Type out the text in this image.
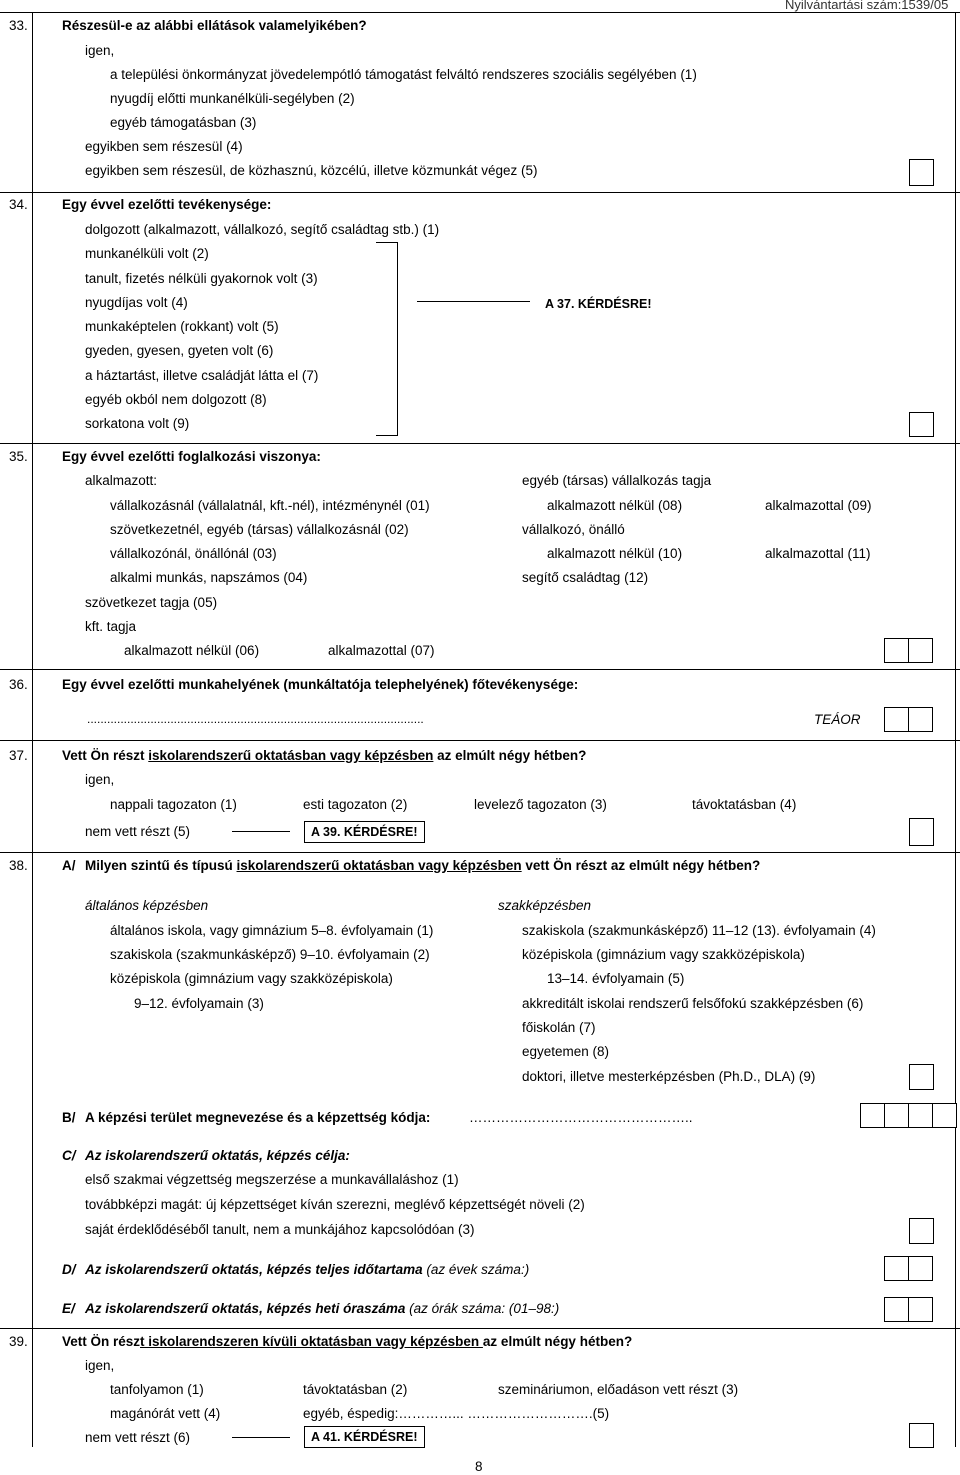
Nyilvántartási szám:1539/05
33.	Részesül-e az alábbi ellátások valamelyikében?
igen,
a települési önkormányzat jövedelempótló támogatást felváltó rendszeres szociális segélyében (1)
nyugdíj előtti munkanélküli-segélyben (2)
egyéb támogatásban (3)
egyikben sem részesül (4)
egyikben sem részesül, de közhasznú, közcélú, illetve közmunkát végez (5)
34.	Egy évvel ezelőtti tevékenysége:
dolgozott (alkalmazott, vállalkozó, segítő családtag stb.) (1)
munkanélküli volt (2)
tanult, fizetés nélküli gyakornok volt (3)
nyugdíjas volt (4)
munkaképtelen (rokkant) volt (5)
gyeden, gyesen, gyeten volt (6)
a háztartást, illetve családját látta el (7)
egyéb okból nem dolgozott (8)
sorkatona volt (9)
A 37. KÉRDÉSRE!
35.	Egy évvel ezelőtti foglalkozási viszonya:
alkalmazott:
vállalkozásnál (vállalatnál, kft.-nél), intézménynél (01)
szövetkezetnél, egyéb (társas) vállalkozásnál (02)
vállalkozónál, önállónál (03)
alkalmi munkás, napszámos (04)
szövetkezet tagja (05)
kft. tagja
alkalmazott nélkül (06)	alkalmazottal (07)
egyéb (társas) vállalkozás tagja
alkalmazott nélkül (08)	alkalmazottal (09)
vállalkozó, önálló
alkalmazott nélkül (10)	alkalmazottal (11)
segítő családtag (12)
36.	Egy évvel ezelőtti munkahelyének (munkáltatója telephelyének) főtevékenysége:
.....................................................................................................	TEÁOR
37.	Vett Ön részt iskolarendszerű oktatásban vagy képzésben az elmúlt négy hétben?
igen,
nappali tagozaton (1)	esti tagozaton (2)	levelező tagozaton (3)	távoktatásban (4)
nem vett részt (5)	A 39. KÉRDÉSRE!
38.	A/ Milyen szintű és típusú iskolarendszerű oktatásban vagy képzésben vett Ön részt az elmúlt négy hétben?
általános képzésben
általános iskola, vagy gimnázium 5–8. évfolyamain (1)
szakiskola (szakmunkásképző) 9–10. évfolyamain (2)
középiskola (gimnázium vagy szakközépiskola)
9–12. évfolyamain (3)
szakképzésben
szakiskola (szakmunkásképző) 11–12 (13). évfolyamain (4)
középiskola (gimnázium vagy szakközépiskola)
13–14. évfolyamain (5)
akkreditált iskolai rendszerű felsőfokú szakképzésben (6)
főiskolán (7)
egyetemen (8)
doktori, illetve mesterképzésben (Ph.D., DLA) (9)
B/ A képzési terület megnevezése és a képzettség kódja:	…………………………………………..
C/ Az iskolarendszerű oktatás, képzés célja:
első szakmai végzettség megszerzése a munkavállaláshoz (1)
továbbképzi magát: új képzettséget kíván szerezni, meglévő képzettségét növeli (2)
saját érdeklődéséből tanult, nem a munkájához kapcsolódóan (3)
D/ Az iskolarendszerű oktatás, képzés teljes időtartama (az évek száma:)
E/ Az iskolarendszerű oktatás, képzés heti óraszáma (az órák száma: (01–98:)
39.	Vett Ön részt iskolarendszeren kívüli oktatásban vagy képzésben az elmúlt négy hétben?
igen,
tanfolyamon (1)	távoktatásban (2)	szemináriumon, előadáson vett részt (3)
magánórát vett (4)	egyéb, éspedig:…………... ……………………….(5)
nem vett részt (6)	A 41. KÉRDÉSRE!
8
